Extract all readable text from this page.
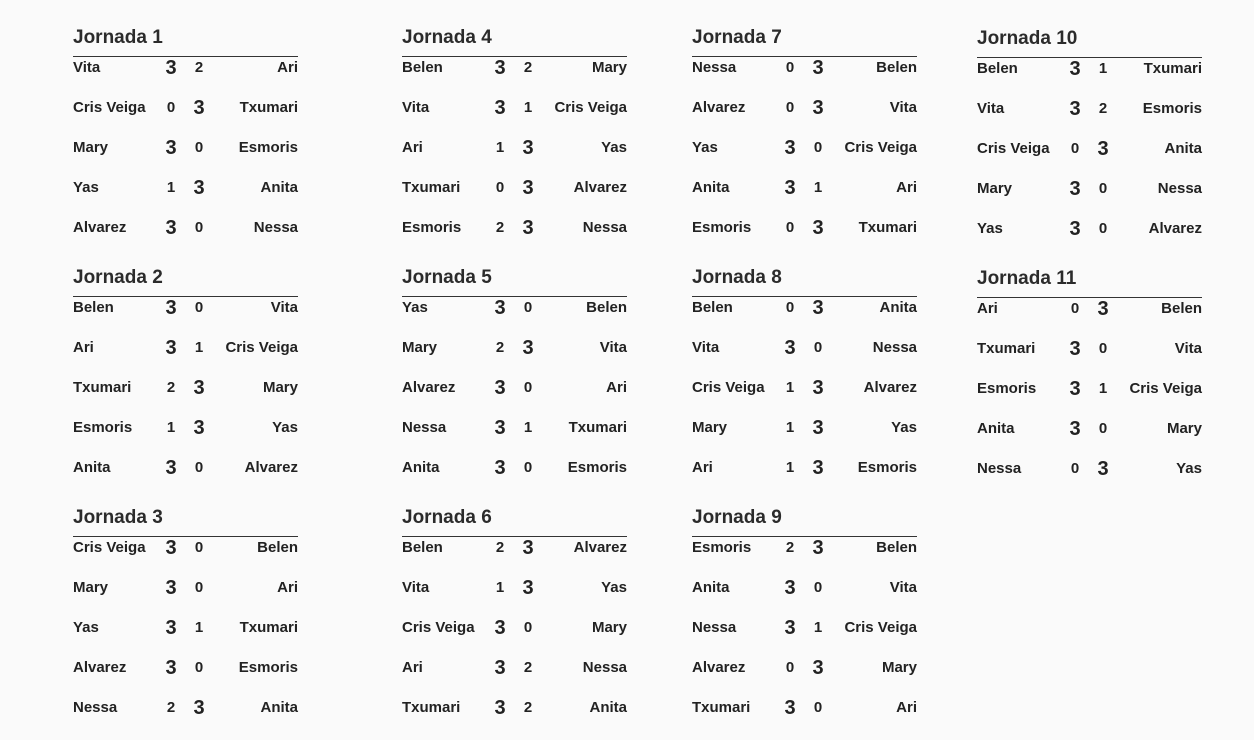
Jornada 1
Vita	3 2	Ari
Cris Veiga 0 3 Txumari
Mary	3 0 Esmoris
Yas	1 3	Anita
Alvarez 3 0	Nessa
Jornada 2
Belen	3 0	Vita
Ari	3 1 Cris Veiga
Txumari 2 3	Mary
Esmoris 1 3	Yas
Anita	3 0	Alvarez
Jornada 3
Cris Veiga 3 0	Belen
Mary	3 0	Ari
Yas	3 1 Txumari
Alvarez 3 0 Esmoris
Nessa	2 3	Anita
Jornada 4
Belen	3 2	Mary
Vita	3 1 Cris Veiga
Ari	1 3	Yas
Txumari 0 3	Alvarez
Esmoris 2 3	Nessa
Jornada 5
Yas	3 0	Belen
Mary	2 3	Vita
Alvarez 3 0	Ari
Nessa 3 1 Txumari
Anita	3 0 Esmoris
Jornada 6
Belen	2 3	Alvarez
Vita	1 3	Yas
Cris Veiga 3 0	Mary
Ari	3 2	Nessa
Txumari 3 2	Anita
Jornada 7
Nessa	0 3	Belen
Alvarez	0 3	Vita
Yas	3 0 Cris Veiga
Anita	3 1	Ari
Esmoris 0 3 Txumari
Jornada 8
Belen	0 3	Anita
Vita	3 0	Nessa
Cris Veiga 1 3	Alvarez
Mary	1 3	Yas
Ari	1 3 Esmoris
Jornada 9
Esmoris 2 3	Belen
Anita	3 0	Vita
Nessa 3 1 Cris Veiga
Alvarez	0 3	Mary
Txumari 3 0	Ari
Jornada 10
Belen	3 1 Txumari
Vita	3 2 Esmoris
Cris Veiga 0 3	Anita
Mary	3 0	Nessa
Yas	3 0	Alvarez
Jornada 11
Ari	0 3	Belen
Txumari 3 0	Vita
Esmoris 3 1 Cris Veiga
Anita	3 0	Mary
Nessa	0 3	Yas
